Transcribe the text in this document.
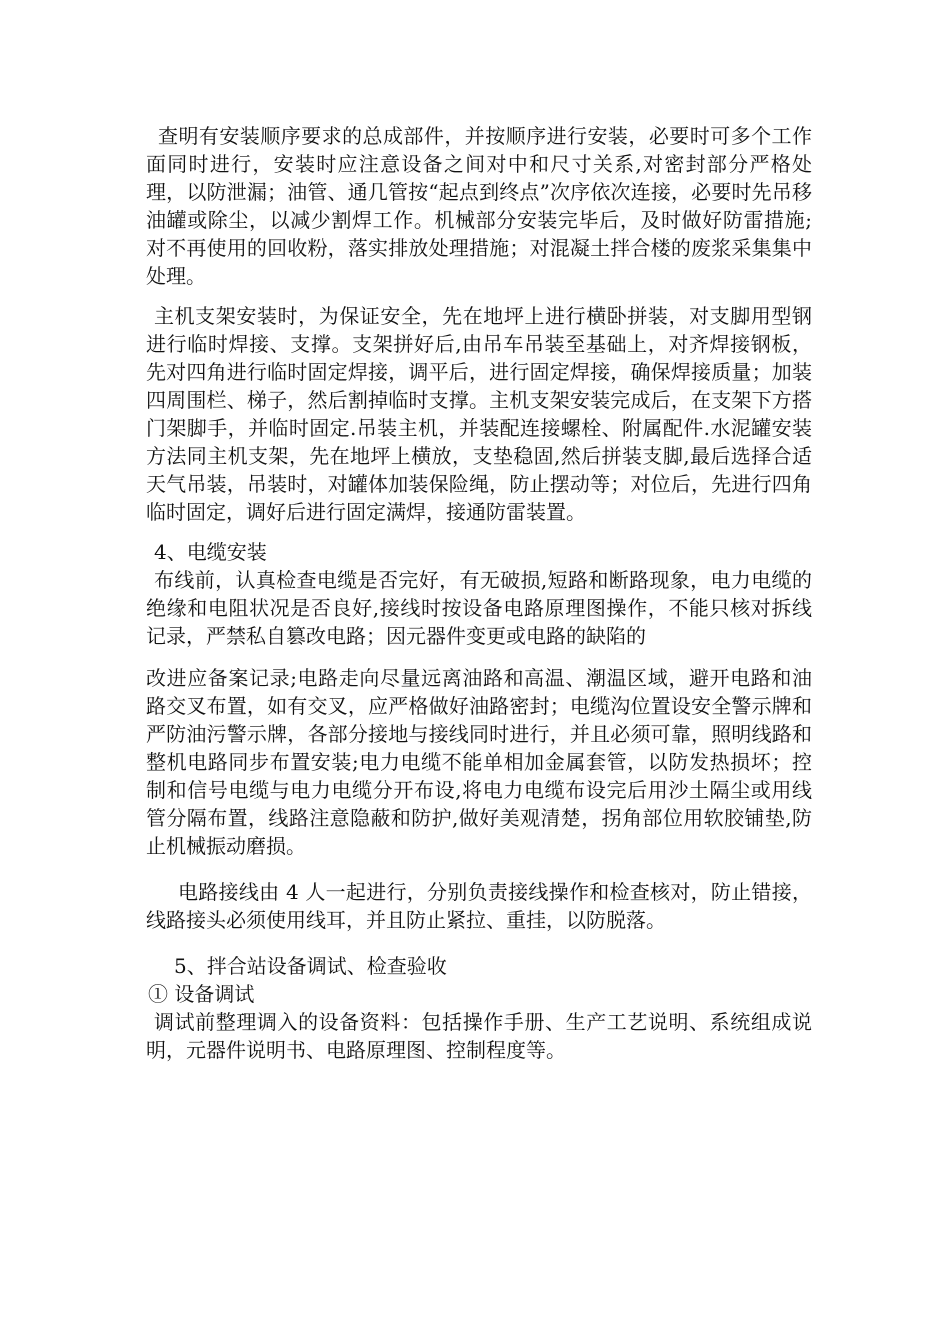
查明有安装顺序要求的总成部件，并按顺序进行安装，必要时可多个工作面同时进行，安装时应注意设备之间对中和尺寸关系,对密封部分严格处理，以防泄漏；油管、通几管按“起点到终点”次序依次连接，必要时先吊移油罐或除尘，以减少割焊工作。机械部分安装完毕后，及时做好防雷措施;对不再使用的回收粉，落实排放处理措施；对混凝土拌合楼的废浆采集集中处理。

主机支架安装时，为保证安全，先在地坪上进行横卧拼装，对支脚用型钢进行临时焊接、支撑。支架拼好后,由吊车吊装至基础上，对齐焊接钢板，先对四角进行临时固定焊接，调平后，进行固定焊接，确保焊接质量；加装四周围栏、梯子，然后割掉临时支撑。主机支架安装完成后，在支架下方搭门架脚手，并临时固定.吊装主机，并装配连接螺栓、附属配件.水泥罐安装方法同主机支架，先在地坪上横放，支垫稳固,然后拼装支脚,最后选择合适天气吊装，吊装时，对罐体加装保险绳，防止摆动等；对位后，先进行四角临时固定，调好后进行固定满焊，接通防雷装置。

4、电缆安装

布线前，认真检查电缆是否完好，有无破损,短路和断路现象，电力电缆的绝缘和电阻状况是否良好,接线时按设备电路原理图操作，不能只核对拆线记录，严禁私自篡改电路；因元器件变更或电路的缺陷的

改进应备案记录;电路走向尽量远离油路和高温、潮温区域，避开电路和油路交叉布置，如有交叉，应严格做好油路密封；电缆沟位置设安全警示牌和严防油污警示牌，各部分接地与接线同时进行，并且必须可靠，照明线路和整机电路同步布置安装;电力电缆不能单相加金属套管，以防发热损坏；控制和信号电缆与电力电缆分开布设,将电力电缆布设完后用沙土隔尘或用线管分隔布置，线路注意隐蔽和防护,做好美观清楚，拐角部位用软胶铺垫,防止机械振动磨损。

电路接线由 4 人一起进行，分别负责接线操作和检查核对，防止错接，线路接头必须使用线耳，并且防止紧拉、重挂，以防脱落。

5、拌合站设备调试、检查验收

① 设备调试

调试前整理调入的设备资料：包括操作手册、生产工艺说明、系统组成说明，元器件说明书、电路原理图、控制程度等。
